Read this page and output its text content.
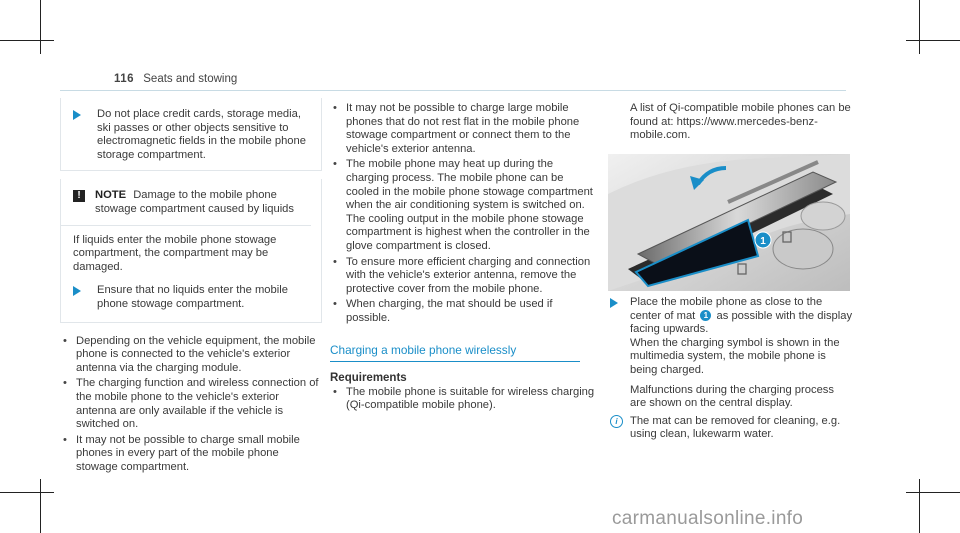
116 Seats and stowing
Do not place credit cards, storage media, ski passes or other objects sensitive to electromagnetic fields in the mobile phone storage compartment.
!	NOTE Damage to the mobile phone stowage compartment caused by liquids
If liquids enter the mobile phone stowage compartment, the compartment may be damaged.
Ensure that no liquids enter the mobile phone stowage compartment.
• Depending on the vehicle equipment, the mobile phone is connected to the vehicle's exterior antenna via the charging module.
• The charging function and wireless connection of the mobile phone to the vehicle's exterior antenna are only available if the vehicle is switched on.
• It may not be possible to charge small mobile phones in every part of the mobile phone stowage compartment.
• It may not be possible to charge large mobile phones that do not rest flat in the mobile phone stowage compartment or connect them to the vehicle's exterior antenna.
• The mobile phone may heat up during the charging process. The mobile phone can be cooled in the mobile phone stowage compartment when the air conditioning system is switched on. The cooling output in the mobile phone stowage compartment is highest when the controller in the glove compartment is closed.
• To ensure more efficient charging and connection with the vehicle's exterior antenna, remove the protective cover from the mobile phone.
• When charging, the mat should be used if possible.
Charging a mobile phone wirelessly
Requirements
• The mobile phone is suitable for wireless charging (Qi-compatible mobile phone).
A list of Qi-compatible mobile phones can be found at: https://www.mercedes-benz-mobile.com.
1
Place the mobile phone as close to the center of mat 1 as possible with the display facing upwards.
When the charging symbol is shown in the multimedia system, the mobile phone is being charged.
Malfunctions during the charging process are shown on the central display.
i	The mat can be removed for cleaning, e.g. using clean, lukewarm water.
carmanualsonline.info
